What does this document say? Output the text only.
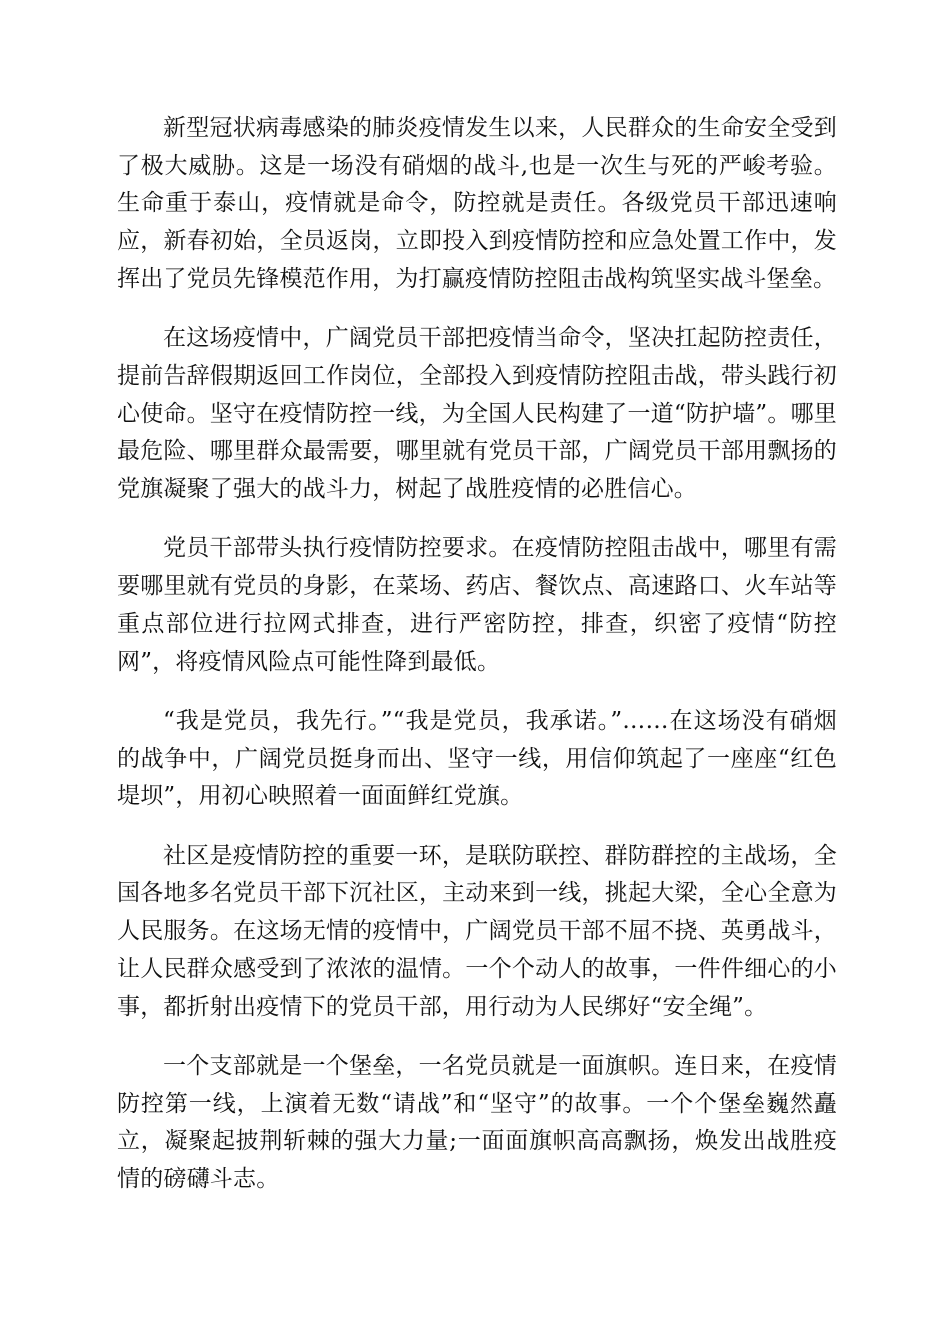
新型冠状病毒感染的肺炎疫情发生以来，人民群众的生命安全受到了极大威胁。这是一场没有硝烟的战斗,也是一次生与死的严峻考验。生命重于泰山，疫情就是命令，防控就是责任。各级党员干部迅速响应，新春初始，全员返岗，立即投入到疫情防控和应急处置工作中，发挥出了党员先锋模范作用，为打赢疫情防控阻击战构筑坚实战斗堡垒。

在这场疫情中，广阔党员干部把疫情当命令，坚决扛起防控责任，提前告辞假期返回工作岗位，全部投入到疫情防控阻击战，带头践行初心使命。坚守在疫情防控一线，为全国人民构建了一道“防护墙”。哪里最危险、哪里群众最需要，哪里就有党员干部，广阔党员干部用飘扬的党旗凝聚了强大的战斗力，树起了战胜疫情的必胜信心。

党员干部带头执行疫情防控要求。在疫情防控阻击战中，哪里有需要哪里就有党员的身影，在菜场、药店、餐饮点、高速路口、火车站等重点部位进行拉网式排查，进行严密防控，排查，织密了疫情“防控网”，将疫情风险点可能性降到最低。

“我是党员，我先行。”“我是党员，我承诺。”……在这场没有硝烟的战争中，广阔党员挺身而出、坚守一线，用信仰筑起了一座座“红色堤坝”，用初心映照着一面面鲜红党旗。

社区是疫情防控的重要一环，是联防联控、群防群控的主战场，全国各地多名党员干部下沉社区，主动来到一线，挑起大梁，全心全意为人民服务。在这场无情的疫情中，广阔党员干部不屈不挠、英勇战斗，让人民群众感受到了浓浓的温情。一个个动人的故事，一件件细心的小事，都折射出疫情下的党员干部，用行动为人民绑好“安全绳”。

一个支部就是一个堡垒，一名党员就是一面旗帜。连日来，在疫情防控第一线，上演着无数“请战”和“坚守”的故事。一个个堡垒巍然矗立，凝聚起披荆斩棘的强大力量;一面面旗帜高高飘扬，焕发出战胜疫情的磅礴斗志。
